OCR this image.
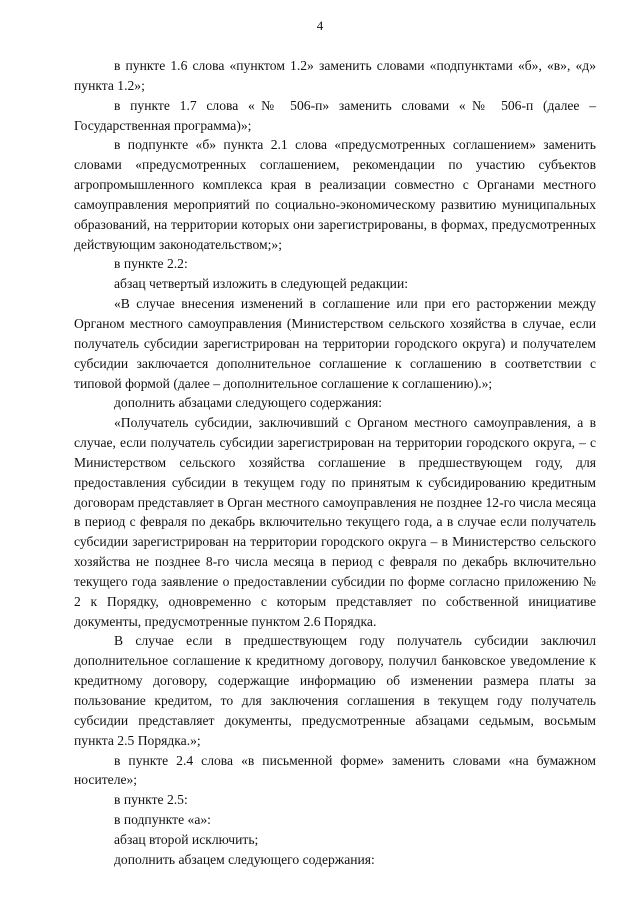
4

в пункте 1.6 слова «пунктом 1.2» заменить словами «подпунктами «б», «в», «д» пункта 1.2»;

в пункте 1.7 слова «№ 506-п» заменить словами «№ 506-п (далее – Государственная программа)»;

в подпункте «б» пункта 2.1 слова «предусмотренных соглашением» заменить словами «предусмотренных соглашением, рекомендации по участию субъектов агропромышленного комплекса края в реализации совместно с Органами местного самоуправления мероприятий по социально-экономическому развитию муниципальных образований, на территории которых они зарегистрированы, в формах, предусмотренных действующим законодательством;»;

в пункте 2.2:

абзац четвертый изложить в следующей редакции:

«В случае внесения изменений в соглашение или при его расторжении между Органом местного самоуправления (Министерством сельского хозяйства в случае, если получатель субсидии зарегистрирован на территории городского округа) и получателем субсидии заключается дополнительное соглашение к соглашению в соответствии с типовой формой (далее – дополнительное соглашение к соглашению).»;

дополнить абзацами следующего содержания:

«Получатель субсидии, заключивший с Органом местного самоуправления, а в случае, если получатель субсидии зарегистрирован на территории городского округа, – с Министерством сельского хозяйства соглашение в предшествующем году, для предоставления субсидии в текущем году по принятым к субсидированию кредитным договорам представляет в Орган местного самоуправления не позднее 12-го числа месяца в период с февраля по декабрь включительно текущего года, а в случае если получатель субсидии зарегистрирован на территории городского округа – в Министерство сельского хозяйства не позднее 8-го числа месяца в период с февраля по декабрь включительно текущего года заявление о предоставлении субсидии по форме согласно приложению № 2 к Порядку, одновременно с которым представляет по собственной инициативе документы, предусмотренные пунктом 2.6 Порядка.

В случае если в предшествующем году получатель субсидии заключил дополнительное соглашение к кредитному договору, получил банковское уведомление к кредитному договору, содержащие информацию об изменении размера платы за пользование кредитом, то для заключения соглашения в текущем году получатель субсидии представляет документы, предусмотренные абзацами седьмым, восьмым пункта 2.5 Порядка.»;

в пункте 2.4 слова «в письменной форме» заменить словами «на бумажном носителе»;

в пункте 2.5:

в подпункте «а»:

абзац второй исключить;

дополнить абзацем следующего содержания:
